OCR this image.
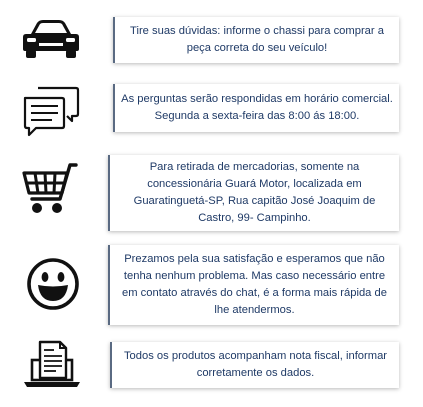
Tire suas dúvidas: informe o chassi para comprar a peça correta do seu veículo!
As perguntas serão respondidas em horário comercial. Segunda a sexta-feira das 8:00 ás 18:00.
Para retirada de mercadorias, somente na concessionária Guará Motor, localizada em Guaratinguetá-SP, Rua capitão José Joaquim de Castro, 99- Campinho.
Prezamos pela sua satisfação e esperamos que não tenha nenhum problema. Mas caso necessário entre em contato através do chat, é a forma mais rápida de lhe atendermos.
Todos os produtos acompanham nota fiscal, informar corretamente os dados.
